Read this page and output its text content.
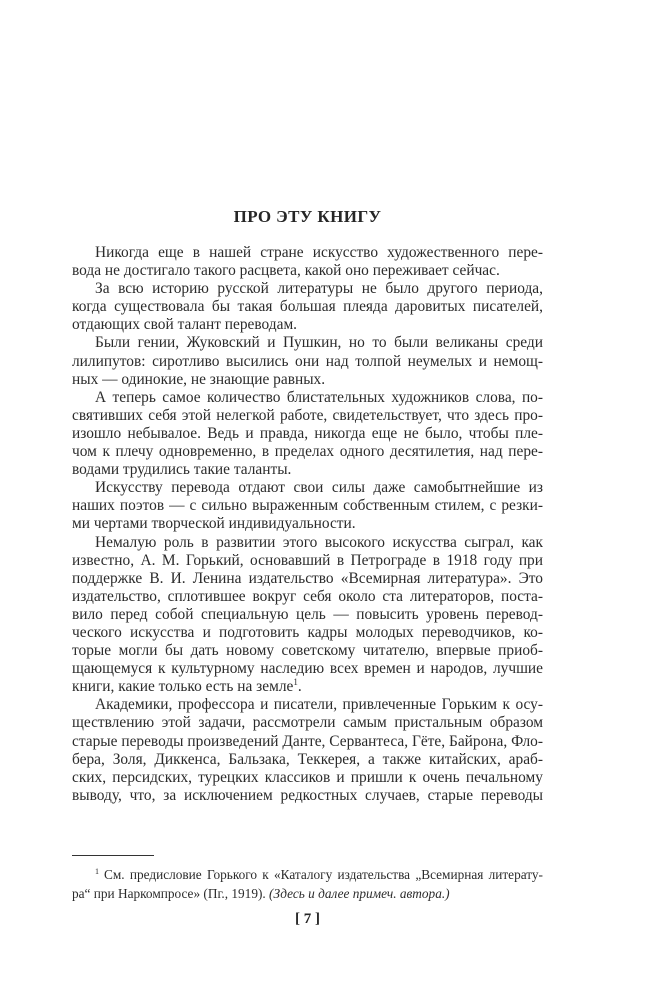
ПРО ЭТУ КНИГУ
Никогда еще в нашей стране искусство художественного пере-
вода не достигало такого расцвета, какой оно переживает сейчас.
За всю историю русской литературы не было другого периода,
когда существовала бы такая большая плеяда даровитых писателей,
отдающих свой талант переводам.
Были гении, Жуковский и Пушкин, но то были великаны среди
лилипутов: сиротливо высились они над толпой неумелых и немощ-
ных — одинокие, не знающие равных.
А теперь самое количество блистательных художников слова, по-
святивших себя этой нелегкой работе, свидетельствует, что здесь про-
изошло небывалое. Ведь и правда, никогда еще не было, чтобы пле-
чом к плечу одновременно, в пределах одного десятилетия, над пере-
водами трудились такие таланты.
Искусству перевода отдают свои силы даже самобытнейшие из
наших поэтов — с сильно выраженным собственным стилем, с резки-
ми чертами творческой индивидуальности.
Немалую роль в развитии этого высокого искусства сыграл, как
известно, А. М. Горький, основавший в Петрограде в 1918 году при
поддержке В. И. Ленина издательство «Всемирная литература». Это
издательство, сплотившее вокруг себя около ста литераторов, поста-
вило перед собой специальную цель — повысить уровень перевод-
ческого искусства и подготовить кадры молодых переводчиков, ко-
торые могли бы дать новому советскому читателю, впервые приоб-
щающемуся к культурному наследию всех времен и народов, лучшие
книги, какие только есть на земле$^1$.
Академики, профессора и писатели, привлеченные Горьким к осу-
ществлению этой задачи, рассмотрели самым пристальным образом
старые переводы произведений Данте, Сервантеса, Гёте, Байрона, Фло-
бера, Золя, Диккенса, Бальзака, Теккерея, а также китайских, араб-
ских, персидских, турецких классиков и пришли к очень печальному
выводу, что, за исключением редкостных случаев, старые переводы
$^1$ См. предисловие Горького к «Каталогу издательства „Всемирная литерату-
ра“ при Наркомпросе» (Пг., 1919). (Здесь и далее примеч. автора.)
[ 7 ]
